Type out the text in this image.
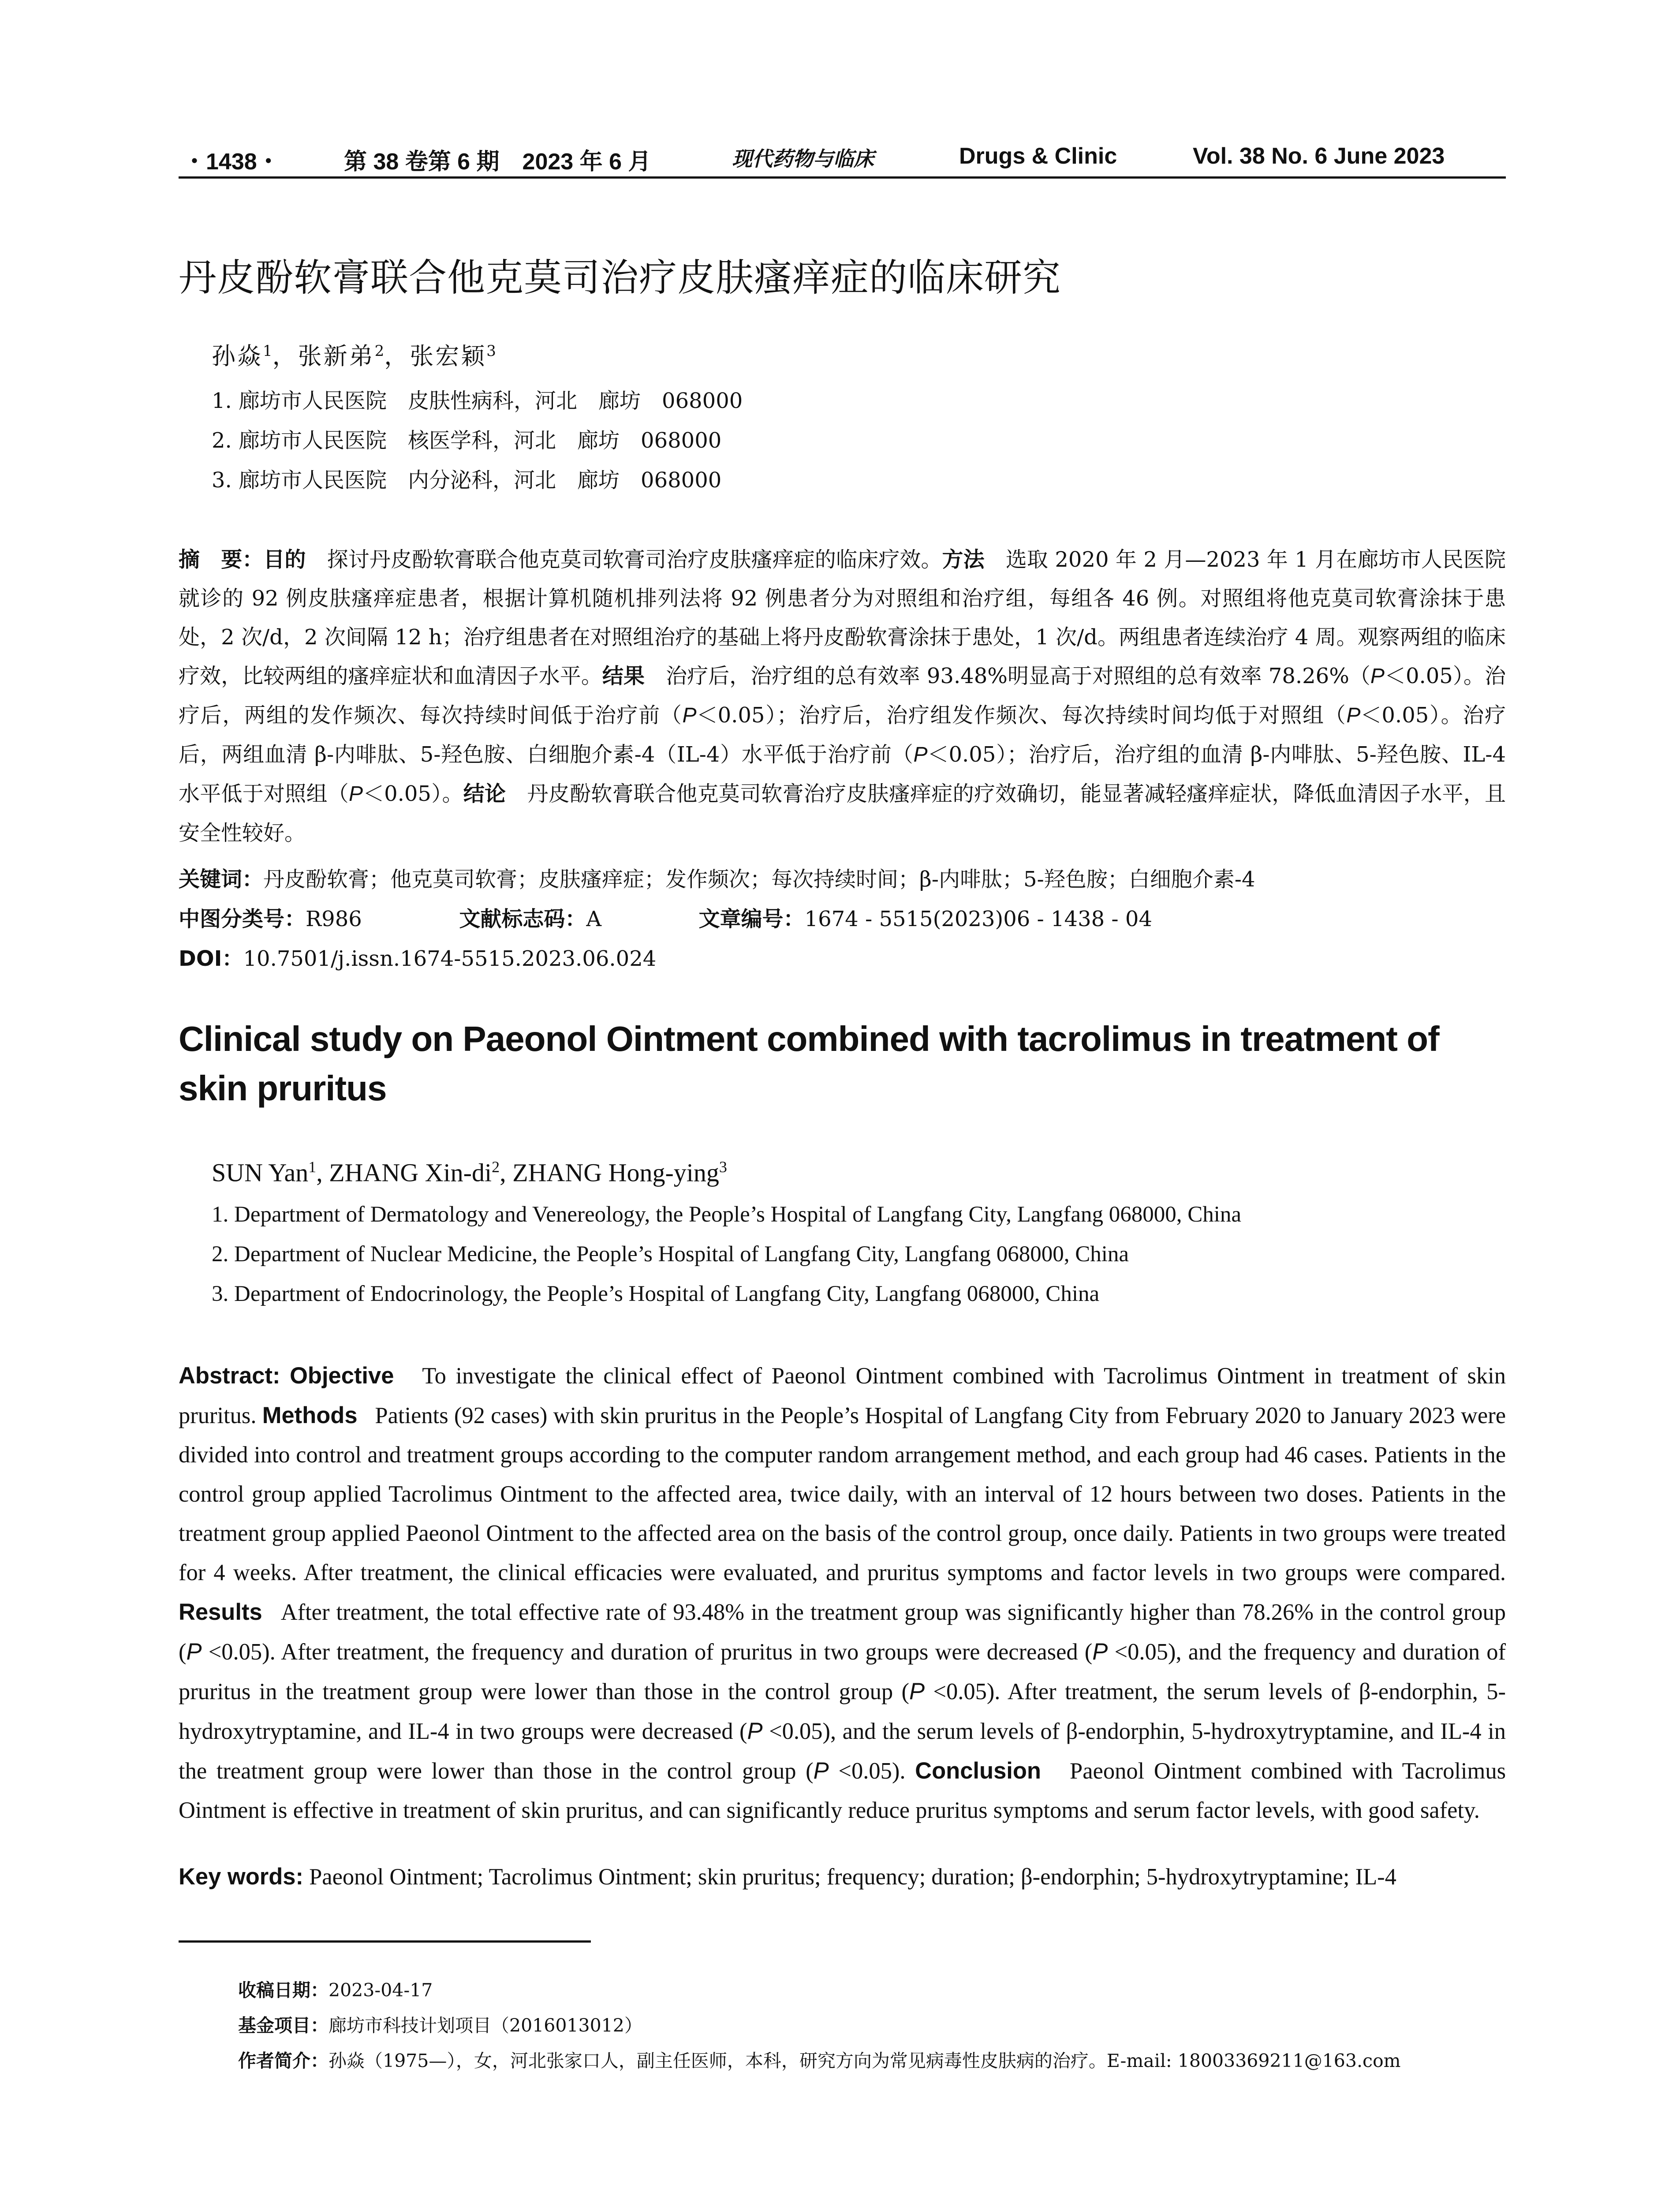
・1438・	第 38 卷第 6 期　2023 年 6 月	现代药物与临床	Drugs & Clinic	Vol. 38 No. 6 June 2023
丹皮酚软膏联合他克莫司治疗皮肤瘙痒症的临床研究
孙焱$^1$，张新弟$^2$，张宏颖$^3$
1. 廊坊市人民医院　皮肤性病科，河北　廊坊　068000
2. 廊坊市人民医院　核医学科，河北　廊坊　068000
3. 廊坊市人民医院　内分泌科，河北　廊坊　068000
摘　要：目的　 探讨丹皮酚软膏联合他克莫司软膏司治疗皮肤瘙痒症的临床疗效。方法　 选取 2020 年 2 月—2023 年 1 月在廊坊市人民医院就诊的 92 例皮肤瘙痒症患者，根据计算机随机排列法将 92 例患者分为对照组和治疗组，每组各 46 例。对照组将他克莫司软膏涂抹于患处，2 次/d，2 次间隔 12 h；治疗组患者在对照组治疗的基础上将丹皮酚软膏涂抹于患处，1 次/d。两组患者连续治疗 4 周。观察两组的临床疗效，比较两组的瘙痒症状和血清因子水平。结果　 治疗后，治疗组的总有效率 93.48%明显高于对照组的总有效率 78.26%（P＜0.05）。治疗后，两组的发作频次、每次持续时间低于治疗前（P＜0.05）；治疗后，治疗组发作频次、每次持续时间均低于对照组（P＜0.05）。治疗后，两组血清 β-内啡肽、5-羟色胺、白细胞介素-4（IL-4）水平低于治疗前（P＜0.05）；治疗后，治疗组的血清 β-内啡肽、5-羟色胺、IL-4 水平低于对照组（P＜0.05）。结论　 丹皮酚软膏联合他克莫司软膏治疗皮肤瘙痒症的疗效确切，能显著减轻瘙痒症状，降低血清因子水平，且安全性较好。
关键词：丹皮酚软膏；他克莫司软膏；皮肤瘙痒症；发作频次；每次持续时间；β-内啡肽；5-羟色胺；白细胞介素-4
中图分类号：R986	文献标志码：A	文章编号：1674 - 5515(2023)06 - 1438 - 04
DOI：10.7501/j.issn.1674-5515.2023.06.024
Clinical study on Paeonol Ointment combined with tacrolimus in treatment of skin pruritus
SUN Yan$^1$, ZHANG Xin-$di^2$, ZHANG Hong-ying$^3$
1. Department of Dermatology and Venereology, the People’s Hospital of Langfang City, Langfang 068000, China
2. Department of Nuclear Medicine, the People’s Hospital of Langfang City, Langfang 068000, China
3. Department of Endocrinology, the People’s Hospital of Langfang City, Langfang 068000, China
Abstract: Objective To investigate the clinical effect of Paeonol Ointment combined with Tacrolimus Ointment in treatment of skin pruritus. Methods Patients (92 cases) with skin pruritus in the People’s Hospital of Langfang City from February 2020 to January 2023 were divided into control and treatment groups according to the computer random arrangement method, and each group had 46 cases. Patients in the control group applied Tacrolimus Ointment to the affected area, twice daily, with an interval of 12 hours between two doses. Patients in the treatment group applied Paeonol Ointment to the affected area on the basis of the control group, once daily. Patients in two groups were treated for 4 weeks. After treatment, the clinical efficacies were evaluated, and pruritus symptoms and factor levels in two groups were compared. Results After treatment, the total effective rate of 93.48% in the treatment group was significantly higher than 78.26% in the control group (P <0.05). After treatment, the frequency and duration of pruritus in two groups were decreased (P <0.05), and the frequency and duration of pruritus in the treatment group were lower than those in the control group (P <0.05). After treatment, the serum levels of β-endorphin, 5-hydroxytryptamine, and IL-4 in two groups were decreased (P <0.05), and the serum levels of β-endorphin, 5-hydroxytryptamine, and IL-4 in the treatment group were lower than those in the control group (P <0.05). Conclusion Paeonol Ointment combined with Tacrolimus Ointment is effective in treatment of skin pruritus, and can significantly reduce pruritus symptoms and serum factor levels, with good safety.
Key words: Paeonol Ointment; Tacrolimus Ointment; skin pruritus; frequency; duration; β-endorphin; 5-hydroxytryptamine; IL-4
收稿日期：2023-04-17
基金项目：廊坊市科技计划项目（2016013012）
作者简介：孙焱（1975—），女，河北张家口人，副主任医师，本科，研究方向为常见病毒性皮肤病的治疗。E-mail: 18003369211@163.com
